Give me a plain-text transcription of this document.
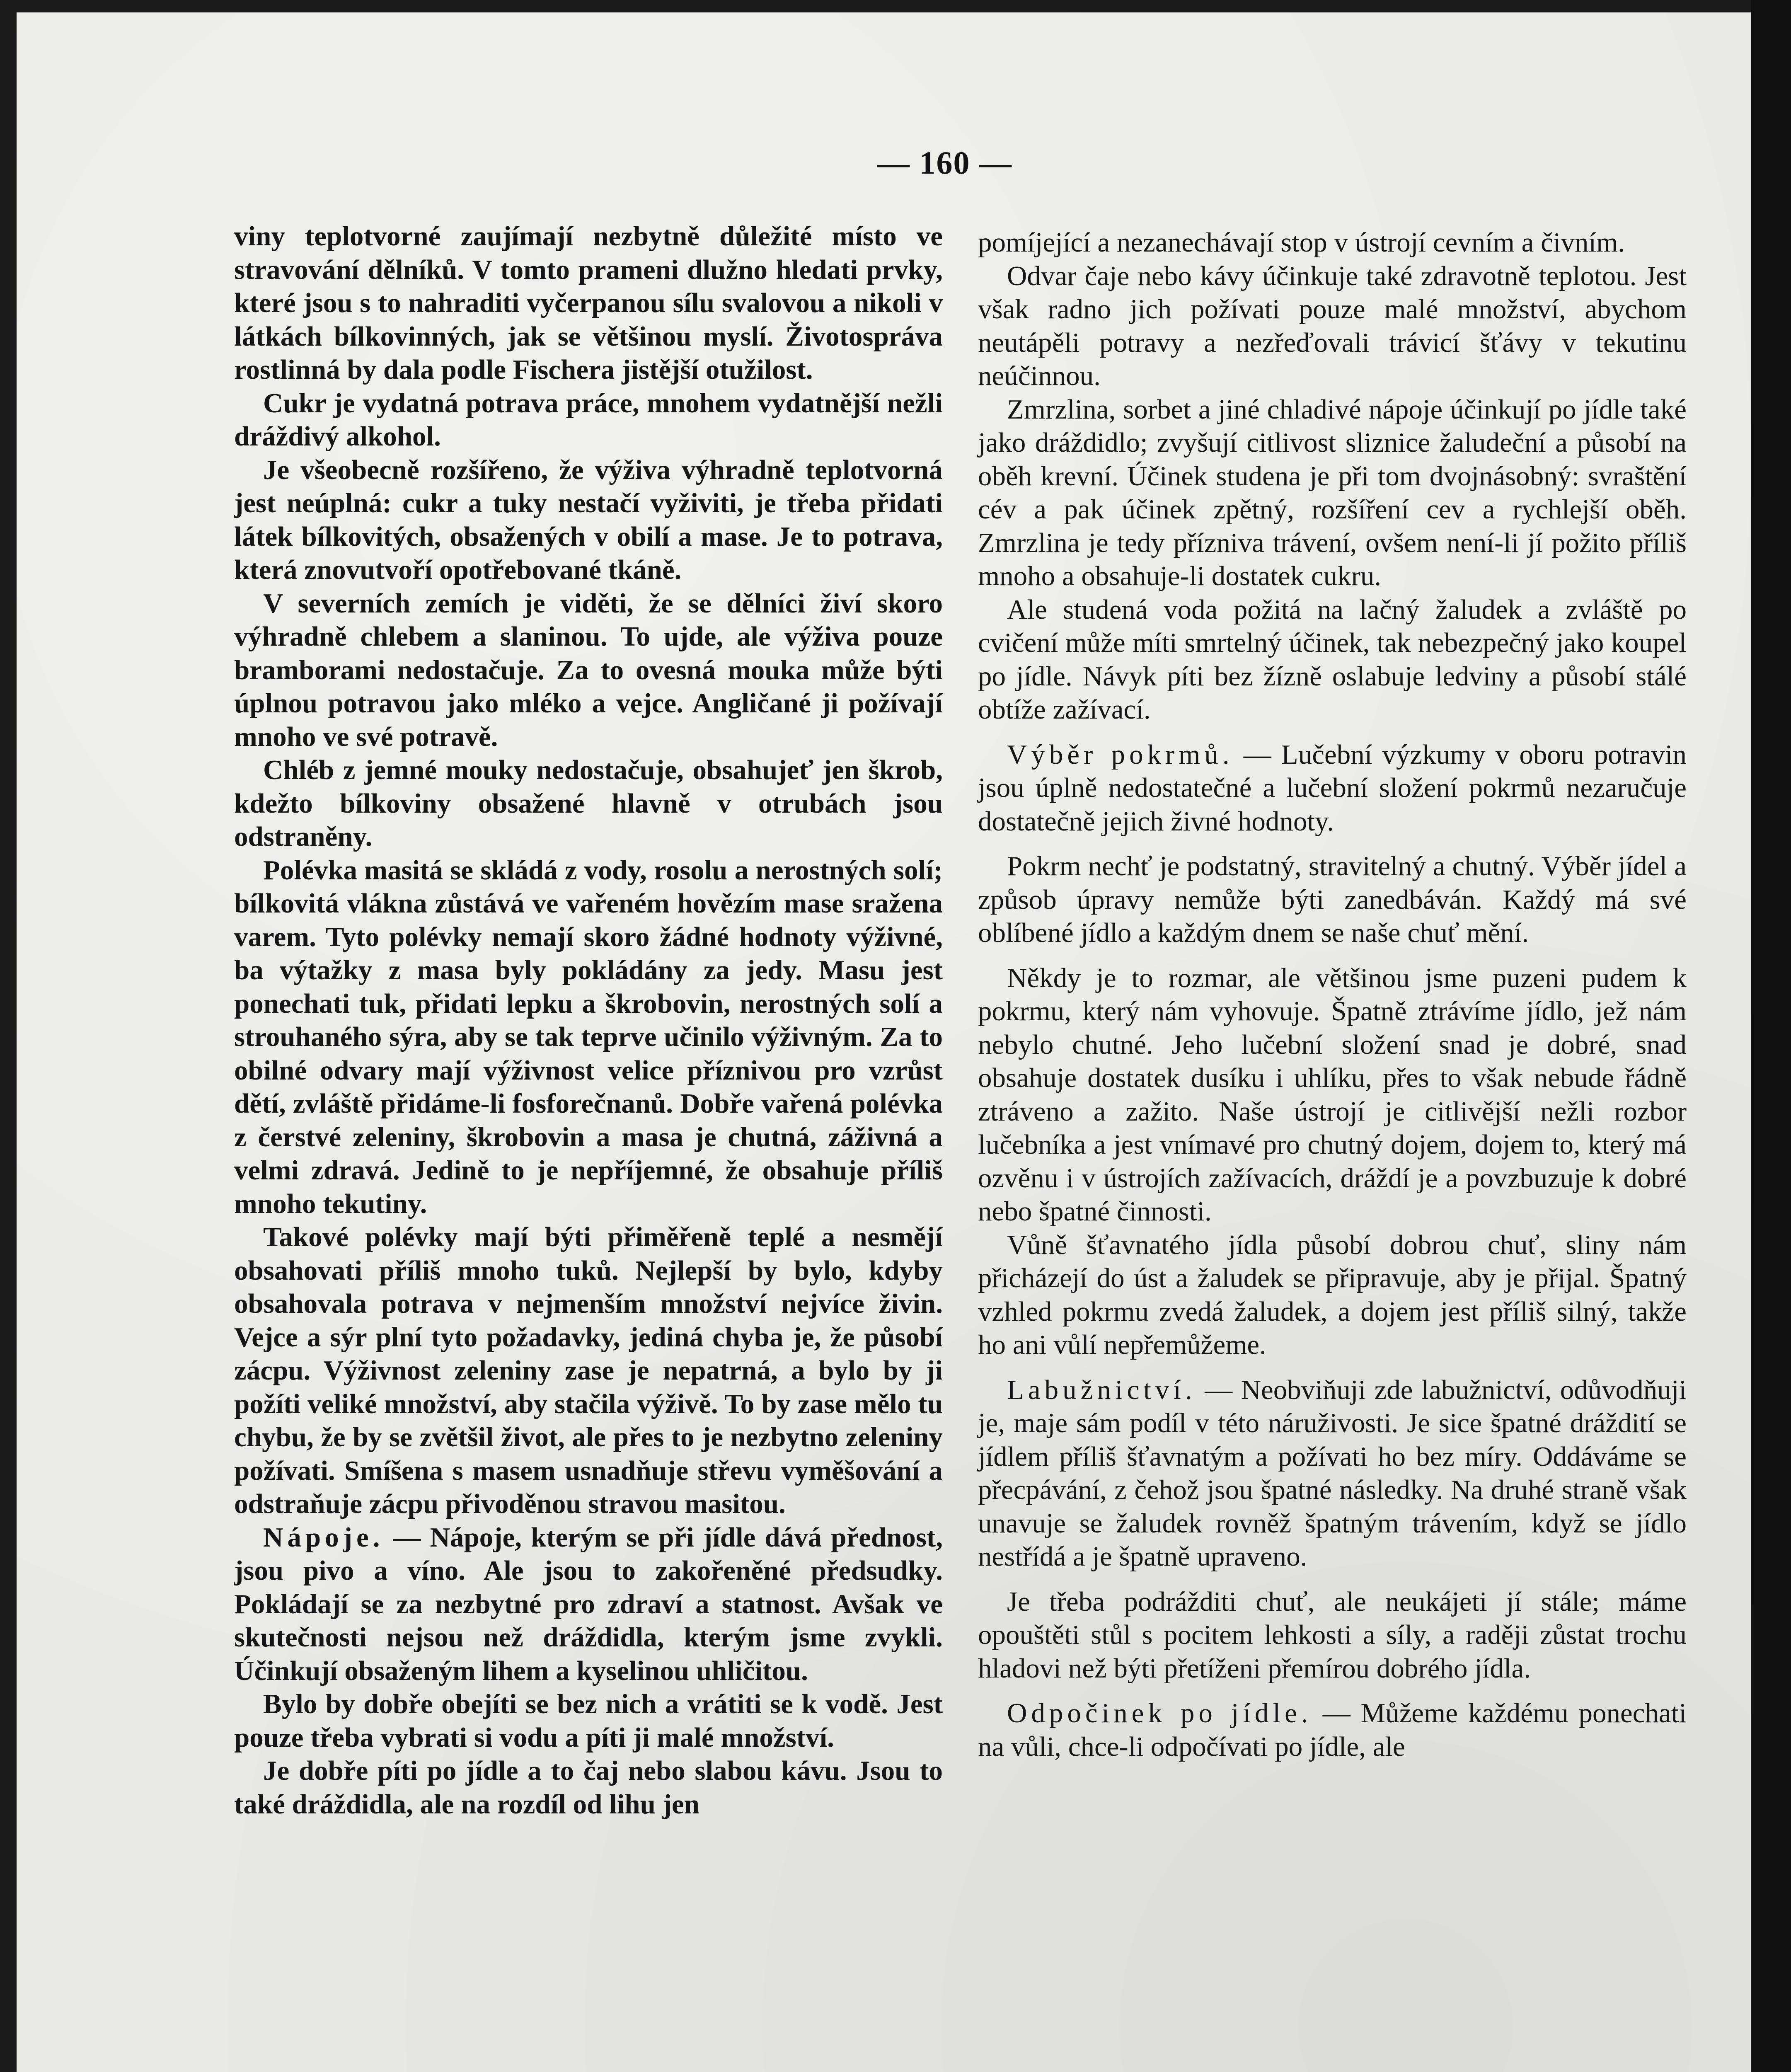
— 160 —

viny teplotvorné zaujímají nezbytně důležité místo ve stravování dělníků. V tomto prameni dlužno hledati prvky, které jsou s to nahraditi vyčerpanou sílu svalovou a nikoli v látkách bílkovinných, jak se většinou myslí. Životospráva rostlinná by dala podle Fischera jistější otužilost.

Cukr je vydatná potrava práce, mnohem vydatnější nežli dráždivý alkohol.

Je všeobecně rozšířeno, že výživa výhradně teplotvorná jest neúplná: cukr a tuky nestačí vyživiti, je třeba přidati látek bílkovitých, obsažených v obilí a mase. Je to potrava, která znovutvoří opotřebované tkáně.

V severních zemích je viděti, že se dělníci živí skoro výhradně chlebem a slaninou. To ujde, ale výživa pouze bramborami nedostačuje. Za to ovesná mouka může býti úplnou potravou jako mléko a vejce. Angličané ji požívají mnoho ve své potravě.

Chléb z jemné mouky nedostačuje, obsahujeť jen škrob, kdežto bílkoviny obsažené hlavně v otrubách jsou odstraněny.

Polévka masitá se skládá z vody, rosolu a nerostných solí; bílkovitá vlákna zůstává ve vařeném hovězím mase sražena varem. Tyto polévky nemají skoro žádné hodnoty výživné, ba výtažky z masa byly pokládány za jedy. Masu jest ponechati tuk, přidati lepku a škrobovin, nerostných solí a strouhaného sýra, aby se tak teprve učinilo výživným. Za to obilné odvary mají výživnost velice příznivou pro vzrůst dětí, zvláště přidáme-li fosforečnanů. Dobře vařená polévka z čerstvé zeleniny, škrobovin a masa je chutná, záživná a velmi zdravá. Jedině to je nepříjemné, že obsahuje příliš mnoho tekutiny.

Takové polévky mají býti přiměřeně teplé a nesmějí obsahovati příliš mnoho tuků. Nejlepší by bylo, kdyby obsahovala potrava v nejmenším množství nejvíce živin. Vejce a sýr plní tyto požadavky, jediná chyba je, že působí zácpu. Výživnost zeleniny zase je nepatrná, a bylo by ji požíti veliké množství, aby stačila výživě. To by zase mělo tu chybu, že by se zvětšil život, ale přes to je nezbytno zeleniny požívati. Smíšena s masem usnadňuje střevu vyměšování a odstraňuje zácpu přivoděnou stravou masitou.

Nápoje. — Nápoje, kterým se při jídle dává přednost, jsou pivo a víno. Ale jsou to zakořeněné předsudky. Pokládají se za nezbytné pro zdraví a statnost. Avšak ve skutečnosti nejsou než dráždidla, kterým jsme zvykli. Účinkují obsaženým lihem a kyselinou uhličitou.

Bylo by dobře obejíti se bez nich a vrátiti se k vodě. Jest pouze třeba vybrati si vodu a píti ji malé množství.

Je dobře píti po jídle a to čaj nebo slabou kávu. Jsou to také dráždidla, ale na rozdíl od lihu jen

pomíjející a nezanechávají stop v ústrojí cevním a čivním.

Odvar čaje nebo kávy účinkuje také zdravotně teplotou. Jest však radno jich požívati pouze malé množství, abychom neutápěli potravy a nezřeďovali trávicí šťávy v tekutinu neúčinnou.

Zmrzlina, sorbet a jiné chladivé nápoje účinkují po jídle také jako dráždidlo; zvyšují citlivost sliznice žaludeční a působí na oběh krevní. Účinek studena je při tom dvojnásobný: svraštění cév a pak účinek zpětný, rozšíření cev a rychlejší oběh. Zmrzlina je tedy přízniva trávení, ovšem není-li jí požito příliš mnoho a obsahuje-li dostatek cukru.

Ale studená voda požitá na lačný žaludek a zvláště po cvičení může míti smrtelný účinek, tak nebezpečný jako koupel po jídle. Návyk píti bez žízně oslabuje ledviny a působí stálé obtíže zažívací.

Výběr pokrmů. — Lučební výzkumy v oboru potravin jsou úplně nedostatečné a lučební složení pokrmů nezaručuje dostatečně jejich živné hodnoty.

Pokrm nechť je podstatný, stravitelný a chutný. Výběr jídel a způsob úpravy nemůže býti zanedbáván. Každý má své oblíbené jídlo a každým dnem se naše chuť mění.

Někdy je to rozmar, ale většinou jsme puzeni pudem k pokrmu, který nám vyhovuje. Špatně ztrávíme jídlo, jež nám nebylo chutné. Jeho lučební složení snad je dobré, snad obsahuje dostatek dusíku i uhlíku, přes to však nebude řádně ztráveno a zažito. Naše ústrojí je citlivější nežli rozbor lučebníka a jest vnímavé pro chutný dojem, dojem to, který má ozvěnu i v ústrojích zažívacích, dráždí je a povzbuzuje k dobré nebo špatné činnosti.

Vůně šťavnatého jídla působí dobrou chuť, sliny nám přicházejí do úst a žaludek se připravuje, aby je přijal. Špatný vzhled pokrmu zvedá žaludek, a dojem jest příliš silný, takže ho ani vůlí nepřemůžeme.

Labužnictví. — Neobviňuji zde labužnictví, odůvodňuji je, maje sám podíl v této náruživosti. Je sice špatné dráždití se jídlem příliš šťavnatým a požívati ho bez míry. Oddáváme se přecpávání, z čehož jsou špatné následky. Na druhé straně však unavuje se žaludek rovněž špatným trávením, když se jídlo nestřídá a je špatně upraveno.

Je třeba podrážditi chuť, ale neukájeti jí stále; máme opouštěti stůl s pocitem lehkosti a síly, a raději zůstat trochu hladovi než býti přetíženi přemírou dobrého jídla.

Odpočinek po jídle. — Můžeme každému ponechati na vůli, chce-li odpočívati po jídle, ale
